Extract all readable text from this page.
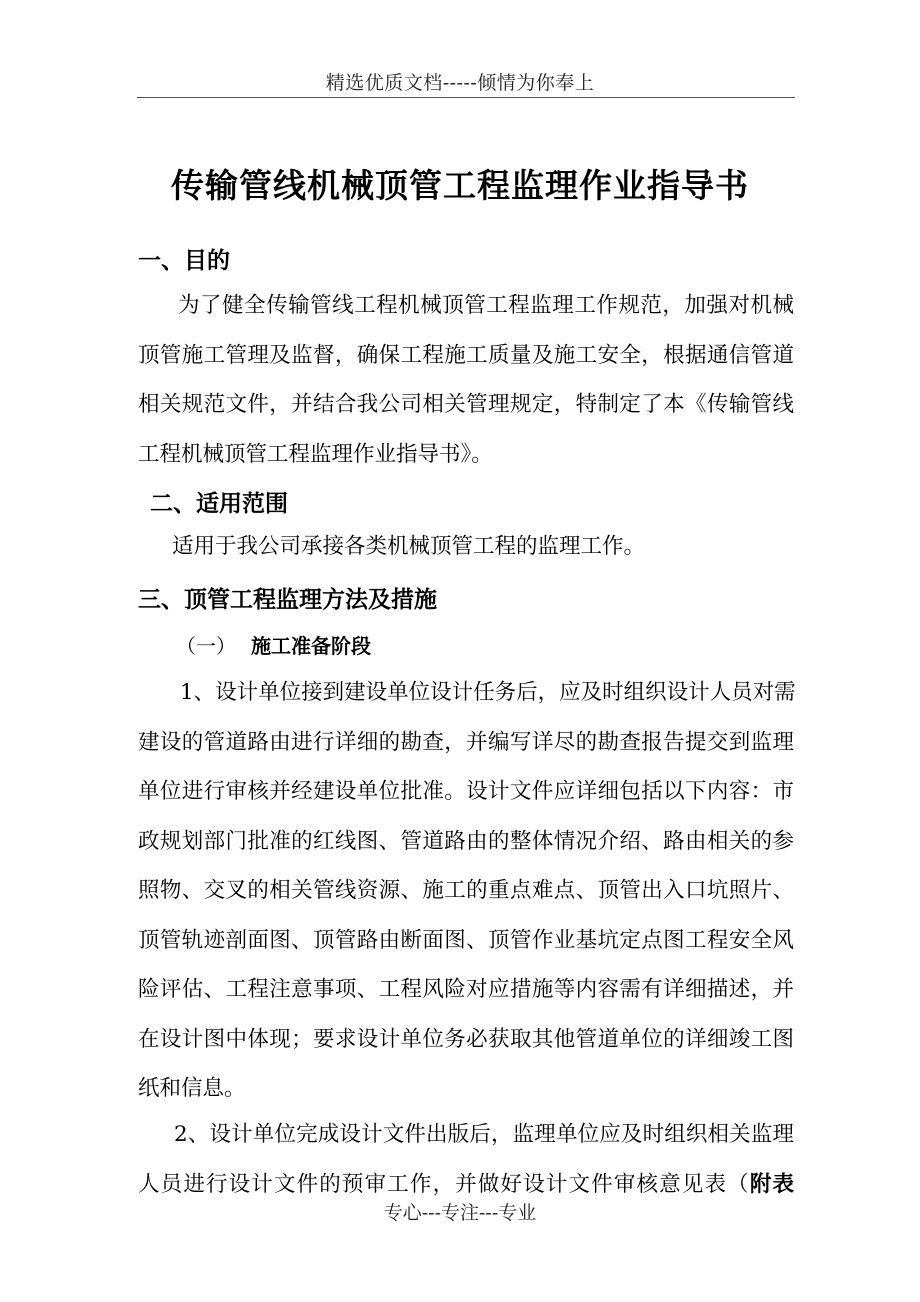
精选优质文档-----倾情为你奉上
传输管线机械顶管工程监理作业指导书
一、目的
为了健全传输管线工程机械顶管工程监理工作规范，加强对机械
顶管施工管理及监督，确保工程施工质量及施工安全，根据通信管道
相关规范文件，并结合我公司相关管理规定，特制定了本《传输管线
工程机械顶管工程监理作业指导书》。
二、适用范围
适用于我公司承接各类机械顶管工程的监理工作。
三、顶管工程监理方法及措施
（一） 施工准备阶段
1、设计单位接到建设单位设计任务后，应及时组织设计人员对需
建设的管道路由进行详细的勘查，并编写详尽的勘查报告提交到监理
单位进行审核并经建设单位批准。设计文件应详细包括以下内容：市
政规划部门批准的红线图、管道路由的整体情况介绍、路由相关的参
照物、交叉的相关管线资源、施工的重点难点、顶管出入口坑照片、
顶管轨迹剖面图、顶管路由断面图、顶管作业基坑定点图工程安全风
险评估、工程注意事项、工程风险对应措施等内容需有详细描述，并
在设计图中体现；要求设计单位务必获取其他管道单位的详细竣工图
纸和信息。
2、设计单位完成设计文件出版后，监理单位应及时组织相关监理
人员进行设计文件的预审工作，并做好设计文件审核意见表（附表
专心---专注---专业
